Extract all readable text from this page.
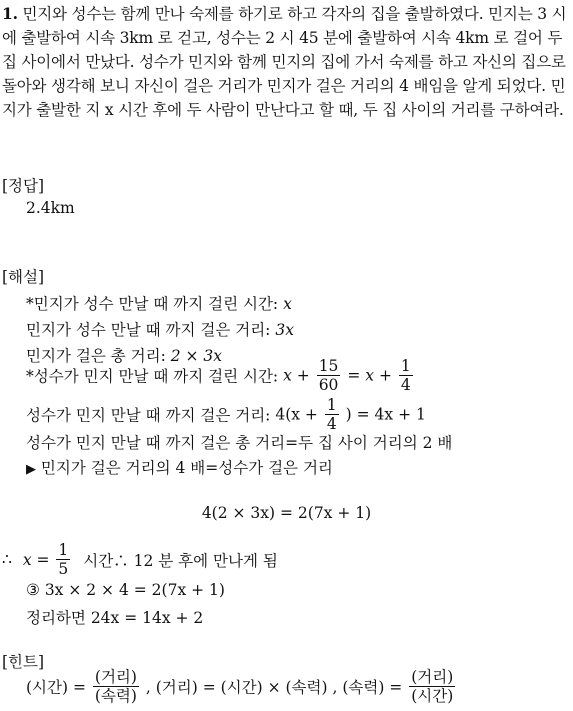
1. 민지와 성수는 함께 만나 숙제를 하기로 하고 각자의 집을 출발하였다. 민지는 3 시에 출발하여 시속 3km 로 걷고, 성수는 2 시 45 분에 출발하여 시속 4km 로 걸어 두 집 사이에서 만났다. 성수가 민지와 함께 민지의 집에 가서 숙제를 하고 자신의 집으로 돌아와 생각해 보니 자신이 걸은 거리가 민지가 걸은 거리의 4 배임을 알게 되었다. 민지가 출발한 지 x 시간 후에 두 사람이 만난다고 할 때, 두 집 사이의 거리를 구하여라.
[정답]
2.4km
[해설]
*민지가 성수 만날 때 까지 걸린 시간: x
민지가 성수 만날 때 까지 걸은 거리: 3x
민지가 걸은 총 거리: 2 × 3x
*성수가 민지 만날 때 까지 걸린 시간: $x + \frac{15}{60} = x + \frac{1}{4}$
성수가 민지 만날 때 까지 걸은 거리: $4(x + \frac{1}{4}$ ) = 4x + 1
성수가 민지 만날 때 까지 걸은 총 거리=두 집 사이 거리의 2 배
▶ 민지가 걸은 거리의 4 배=성수가 걸은 거리
4(2 × 3x) = 2(7x + 1)
∴ $x = \frac{1}{5}$ 시간∴ 12 분 후에 만나게 됨
③ 3x × 2 × 4 = 2(7x + 1)
정리하면 24x = 14x + 2
[힌트]
(시간) = $\frac{\text{(거리)}}{\text{(속력)}}$ , (거리) = (시간) × (속력) , (속력) = $\frac{\text{(거리)}}{\text{(시간)}}$
